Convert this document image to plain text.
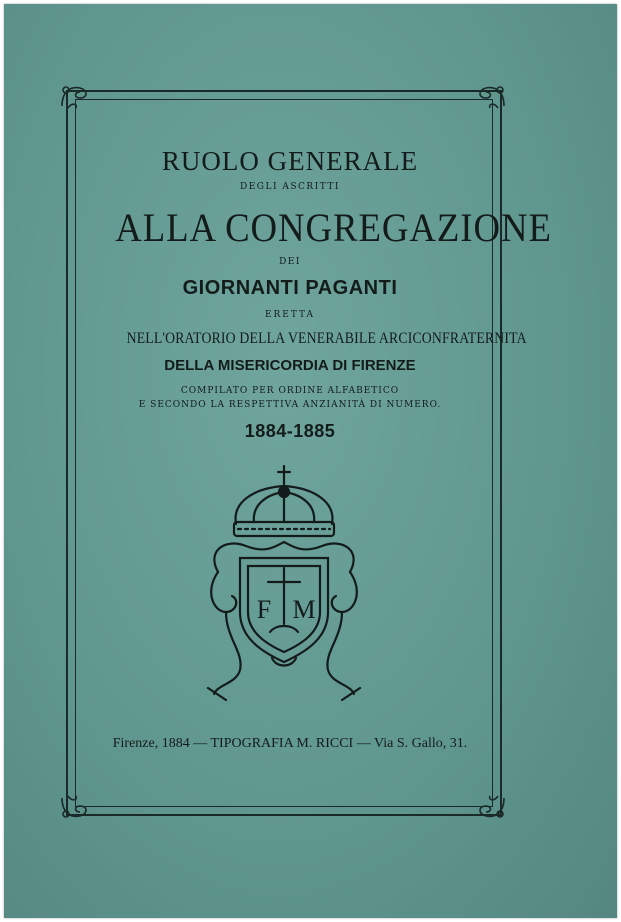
RUOLO GENERALE
DEGLI ASCRITTI
ALLA CONGREGAZIONE
DEI
GIORNANTI PAGANTI
ERETTA
NELL'ORATORIO DELLA VENERABILE ARCICONFRATERNITA
DELLA MISERICORDIA DI FIRENZE
COMPILATO PER ORDINE ALFABETICO
E SECONDO LA RESPETTIVA ANZIANITÀ DI NUMERO.
1884-1885
F M
Firenze, 1884 — TIPOGRAFIA M. RICCI — Via S. Gallo, 31.
